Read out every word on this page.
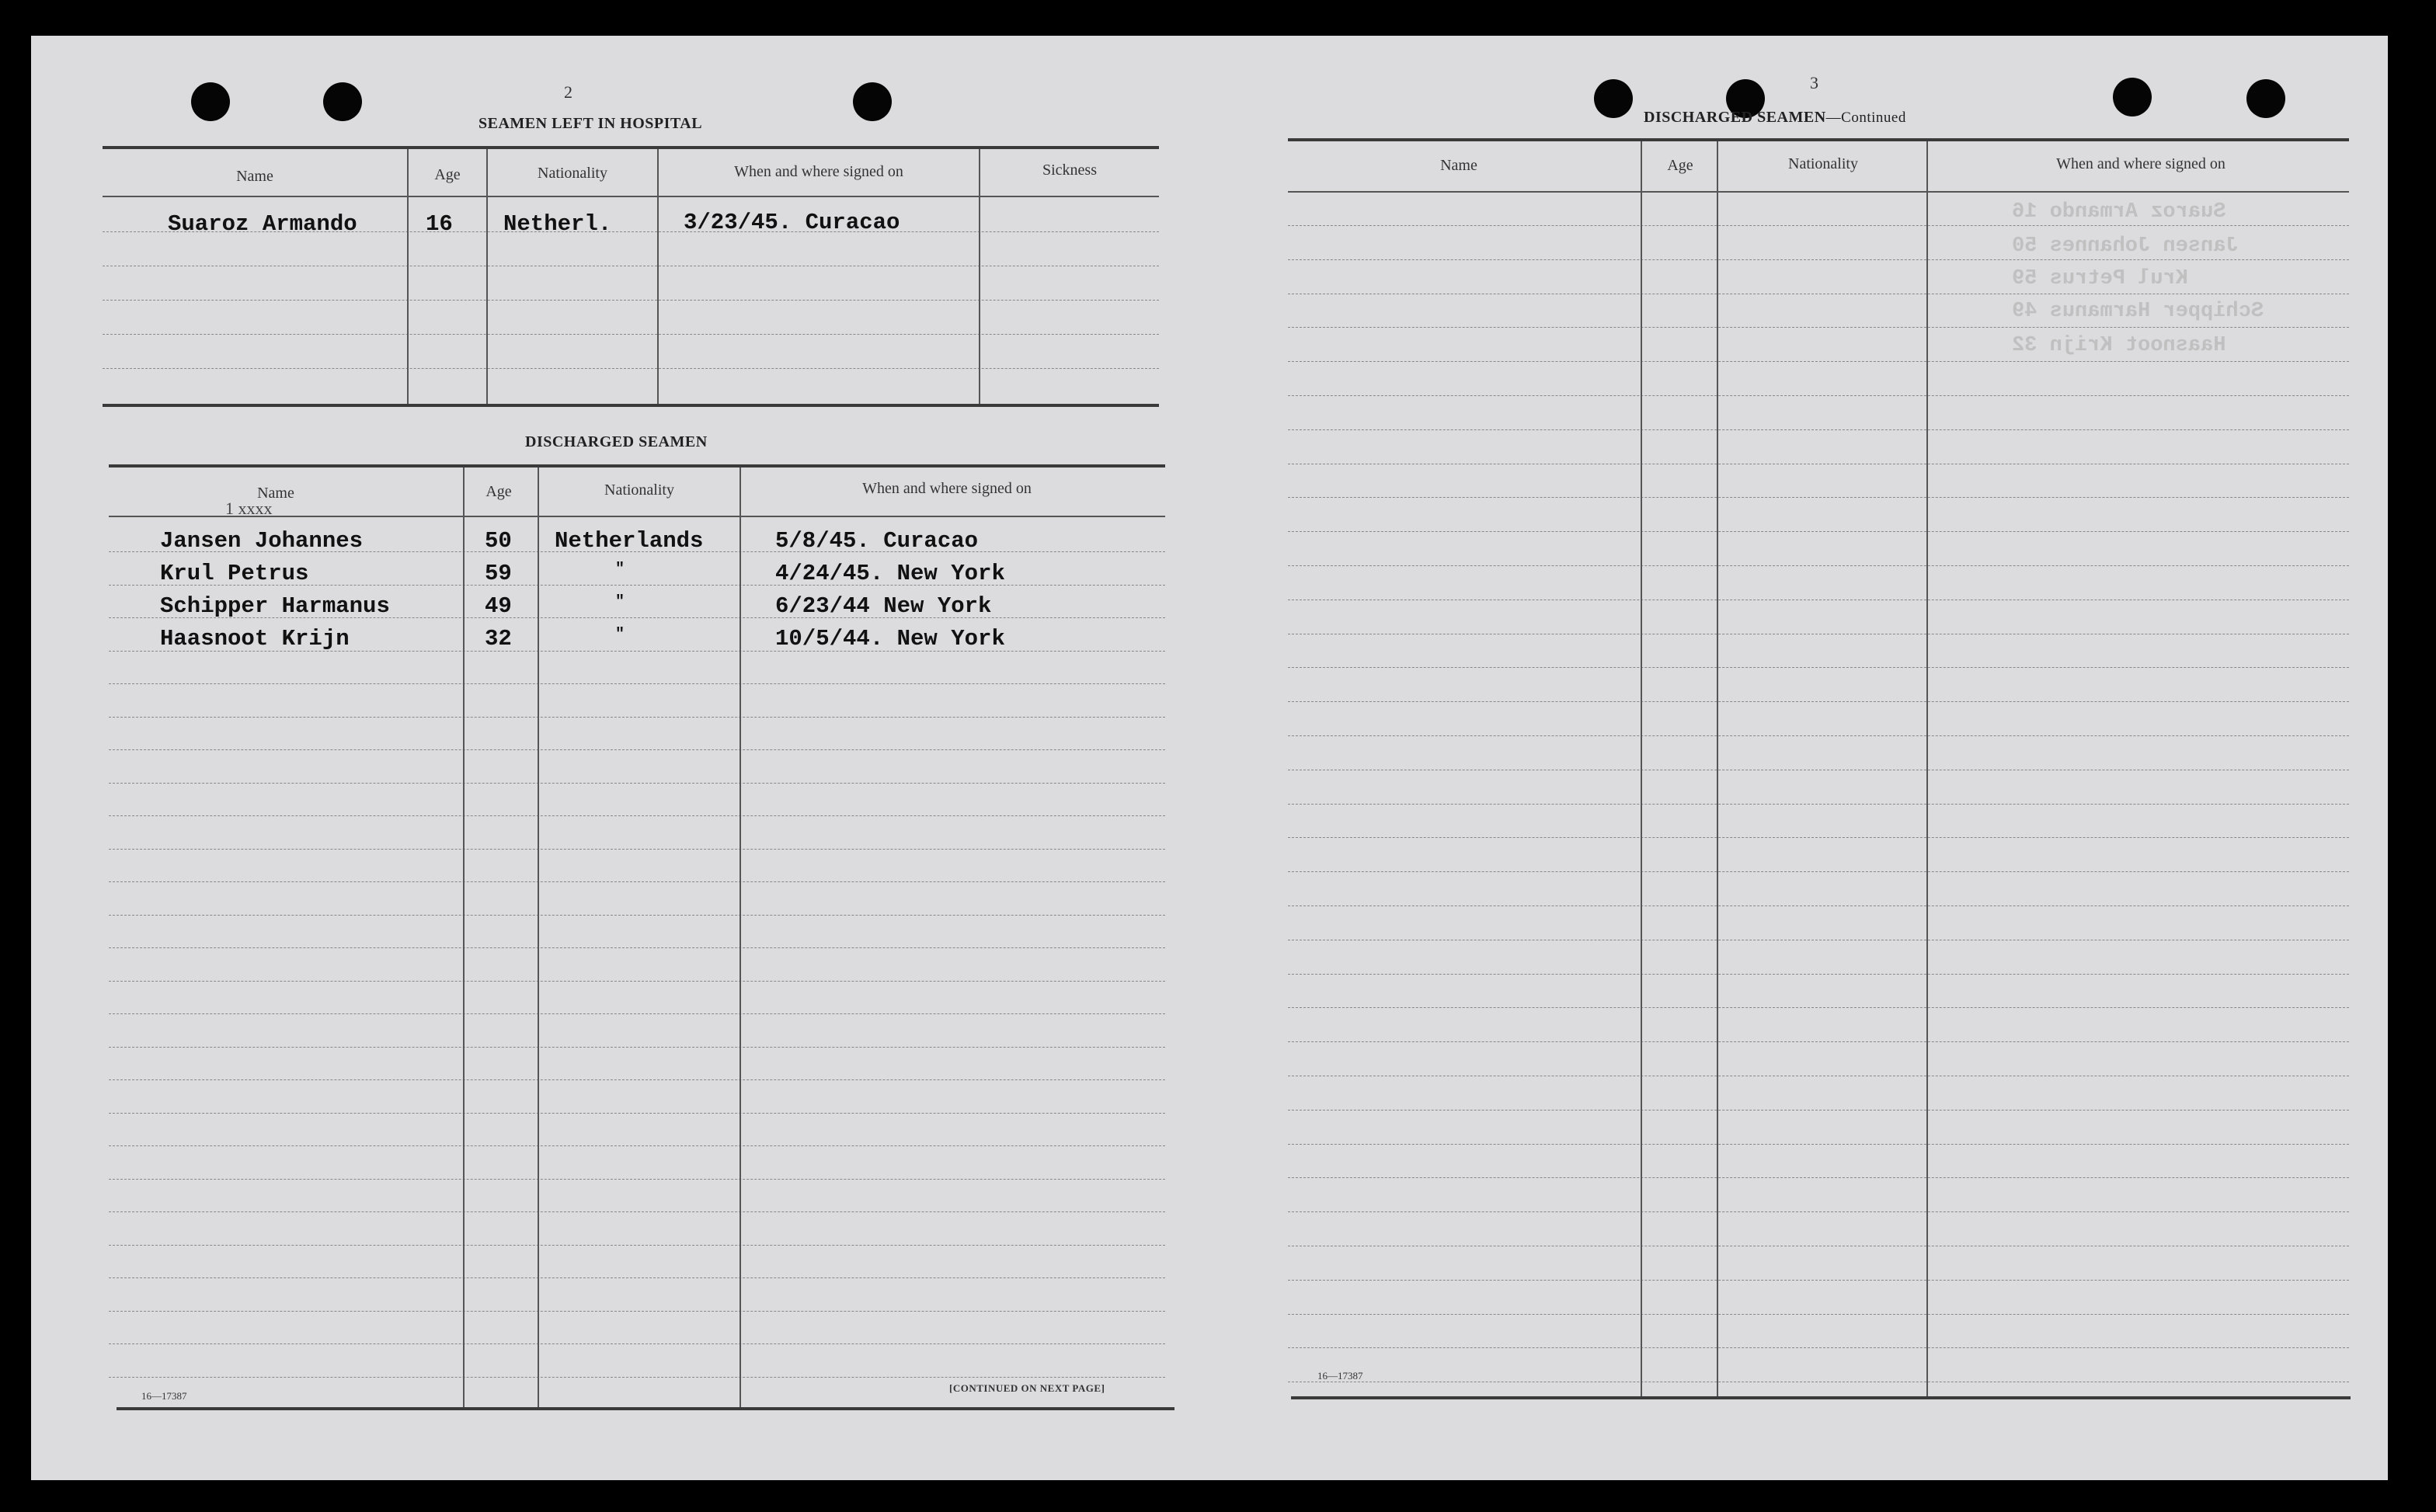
2
SEAMEN LEFT IN HOSPITAL
Name	Age	Nationality	When and where signed on	Sickness
Suaroz Armando	16 Netherl.	3/23/45. Curacao
DISCHARGED SEAMEN
Name	Age	Nationality	When and where signed on
1 xxxx
Jansen Johannes	50 Netherlands	5/8/45. Curacao
Krul Petrus	59	"	4/24/45. New York
Schipper Harmanus	49	"	6/23/44 New York
Haasnoot Krijn	32	"	10/5/44. New York
16—17387
[CONTINUED ON NEXT PAGE]
3
DISCHARGED SEAMEN—Continued
Name	Age	Nationality	When and where signed on
16—17387
Suaroz Armando 16
Jansen Johannes 50
Krul Petrus 59
Schipper Harmanus 49
Haasnoot Krijn 32
